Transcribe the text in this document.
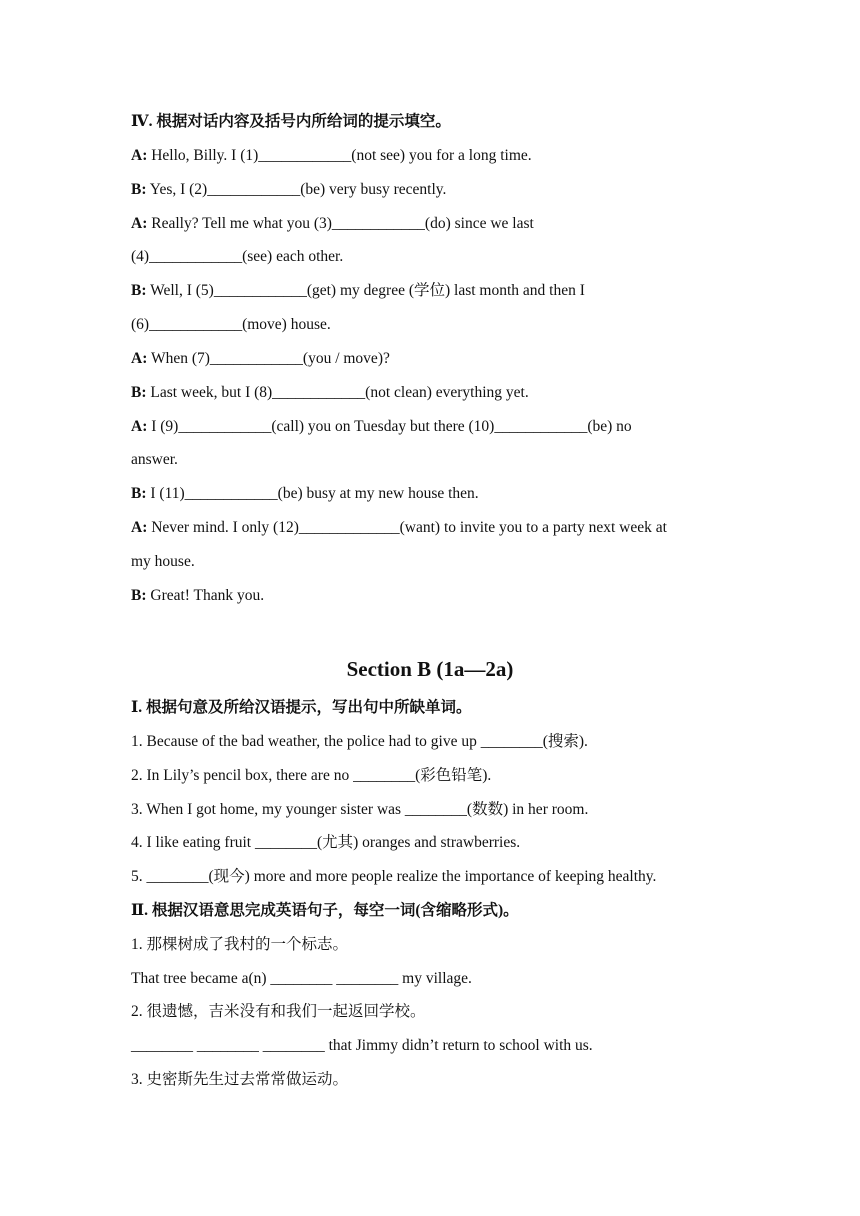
Ⅳ. 根据对话内容及括号内所给词的提示填空。
A: Hello, Billy. I (1)____________(not see) you for a long time.
B: Yes, I (2)____________(be) very busy recently.
A: Really? Tell me what you (3)____________(do) since we last
(4)____________(see) each other.
B: Well, I (5)____________(get) my degree (学位) last month and then I
(6)____________(move) house.
A: When (7)____________(you / move)?
B: Last week, but I (8)____________(not clean) everything yet.
A: I (9)____________(call) you on Tuesday but there (10)____________(be) no
answer.
B: I (11)____________(be) busy at my new house then.
A: Never mind. I only (12)_____________(want) to invite you to a party next week at
my house.
B: Great! Thank you.
Section B (1a—2a)
Ⅰ. 根据句意及所给汉语提示，写出句中所缺单词。
1. Because of the bad weather, the police had to give up ________(搜索).
2. In Lily’s pencil box, there are no ________(彩色铅笔).
3. When I got home, my younger sister was ________(数数) in her room.
4. I like eating fruit ________(尤其) oranges and strawberries.
5. ________(现今) more and more people realize the importance of keeping healthy.
Ⅱ. 根据汉语意思完成英语句子，每空一词(含缩略形式)。
1. 那棵树成了我村的一个标志。
That tree became a(n) ________ ________ my village.
2. 很遗憾，吉米没有和我们一起返回学校。
________ ________ ________ that Jimmy didn’t return to school with us.
3. 史密斯先生过去常常做运动。
